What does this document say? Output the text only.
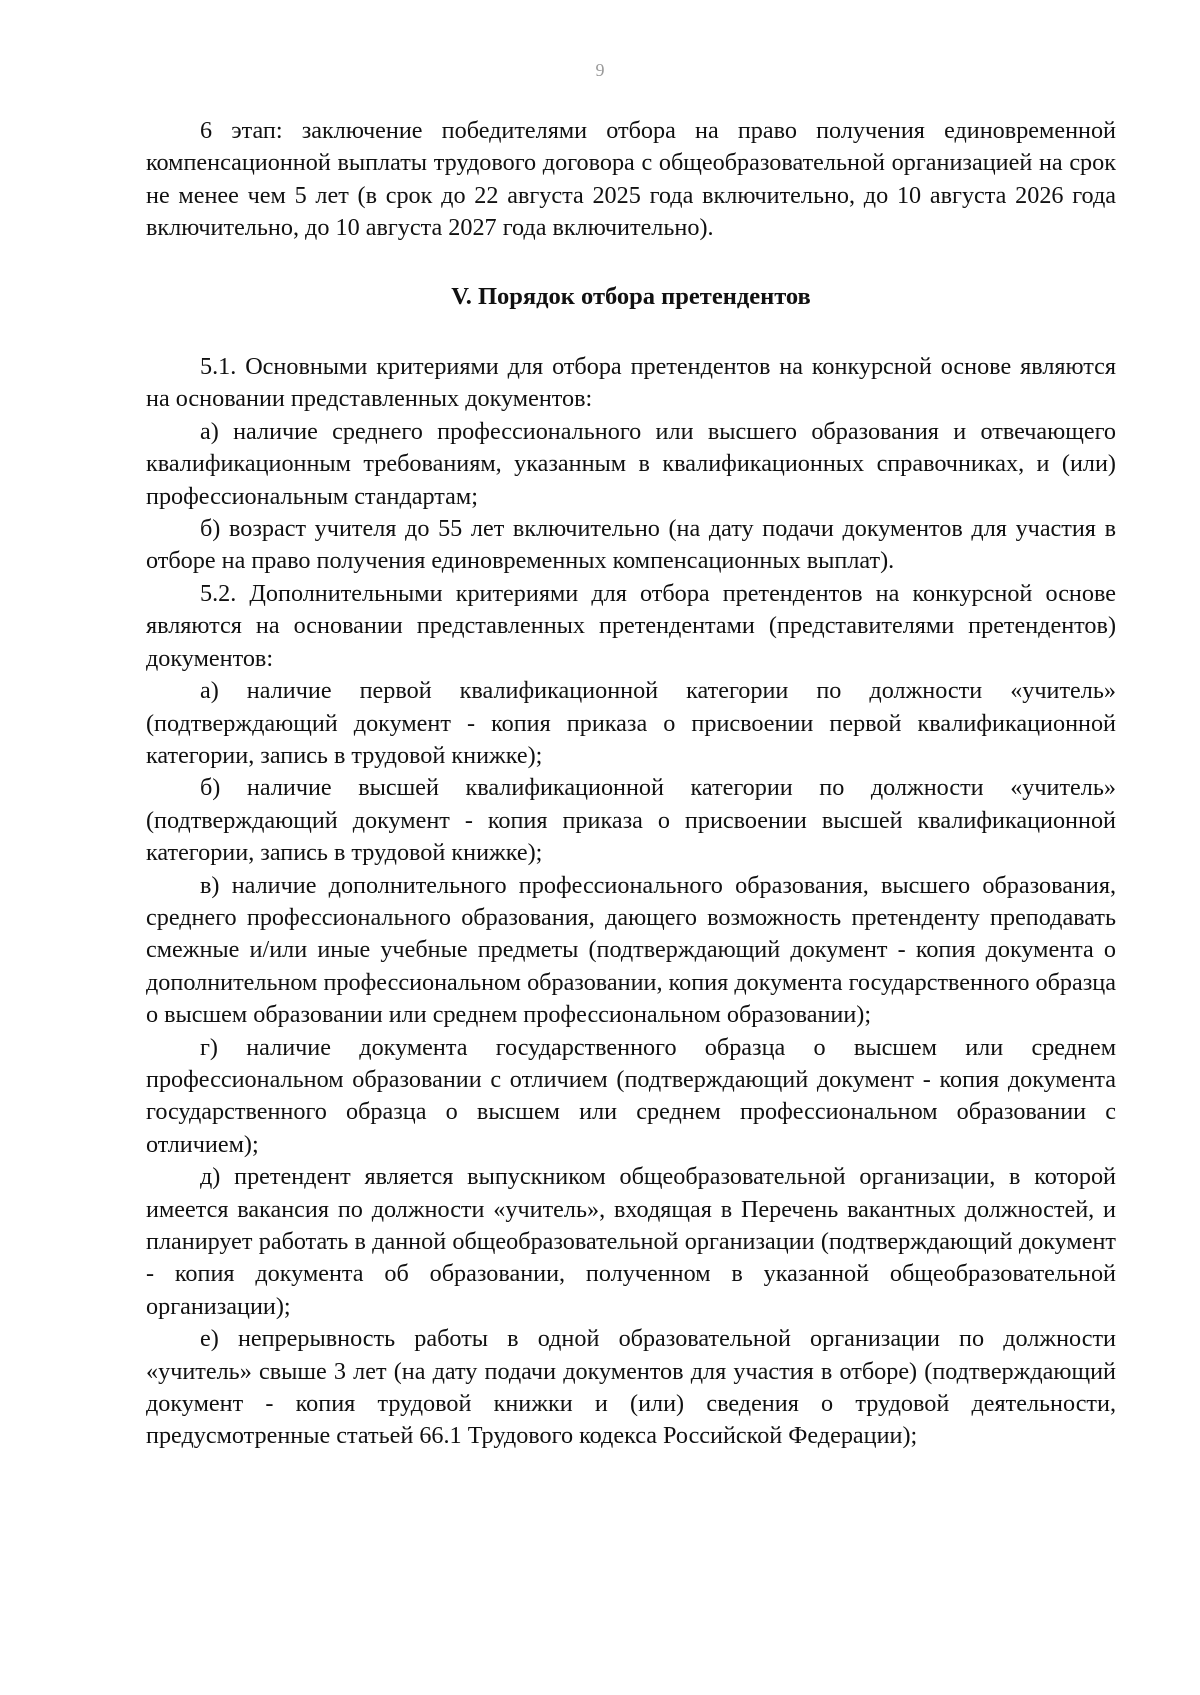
9

6 этап: заключение победителями отбора на право получения единовременной компенсационной выплаты трудового договора с общеобразовательной организацией на срок не менее чем 5 лет (в срок до 22 августа 2025 года включительно, до 10 августа 2026 года включительно, до 10 августа 2027 года включительно).

V. Порядок отбора претендентов

5.1. Основными критериями для отбора претендентов на конкурсной основе являются на основании представленных документов:

а) наличие среднего профессионального или высшего образования и отвечающего квалификационным требованиям, указанным в квалификационных справочниках, и (или) профессиональным стандартам;

б) возраст учителя до 55 лет включительно (на дату подачи документов для участия в отборе на право получения единовременных компенсационных выплат).

5.2. Дополнительными критериями для отбора претендентов на конкурсной основе являются на основании представленных претендентами (представителями претендентов) документов:

а) наличие первой квалификационной категории по должности «учитель» (подтверждающий документ - копия приказа о присвоении первой квалификационной категории, запись в трудовой книжке);

б) наличие высшей квалификационной категории по должности «учитель» (подтверждающий документ - копия приказа о присвоении высшей квалификационной категории, запись в трудовой книжке);

в) наличие дополнительного профессионального образования, высшего образования, среднего профессионального образования, дающего возможность претенденту преподавать смежные и/или иные учебные предметы (подтверждающий документ - копия документа о дополнительном профессиональном образовании, копия документа государственного образца о высшем образовании или среднем профессиональном образовании);

г) наличие документа государственного образца о высшем или среднем профессиональном образовании с отличием (подтверждающий документ - копия документа государственного образца о высшем или среднем профессиональном образовании с отличием);

д) претендент является выпускником общеобразовательной организации, в которой имеется вакансия по должности «учитель», входящая в Перечень вакантных должностей, и планирует работать в данной общеобразовательной организации (подтверждающий документ - копия документа об образовании, полученном в указанной общеобразовательной организации);

е) непрерывность работы в одной образовательной организации по должности «учитель» свыше 3 лет (на дату подачи документов для участия в отборе) (подтверждающий документ - копия трудовой книжки и (или) сведения о трудовой деятельности, предусмотренные статьей 66.1 Трудового кодекса Российской Федерации);
